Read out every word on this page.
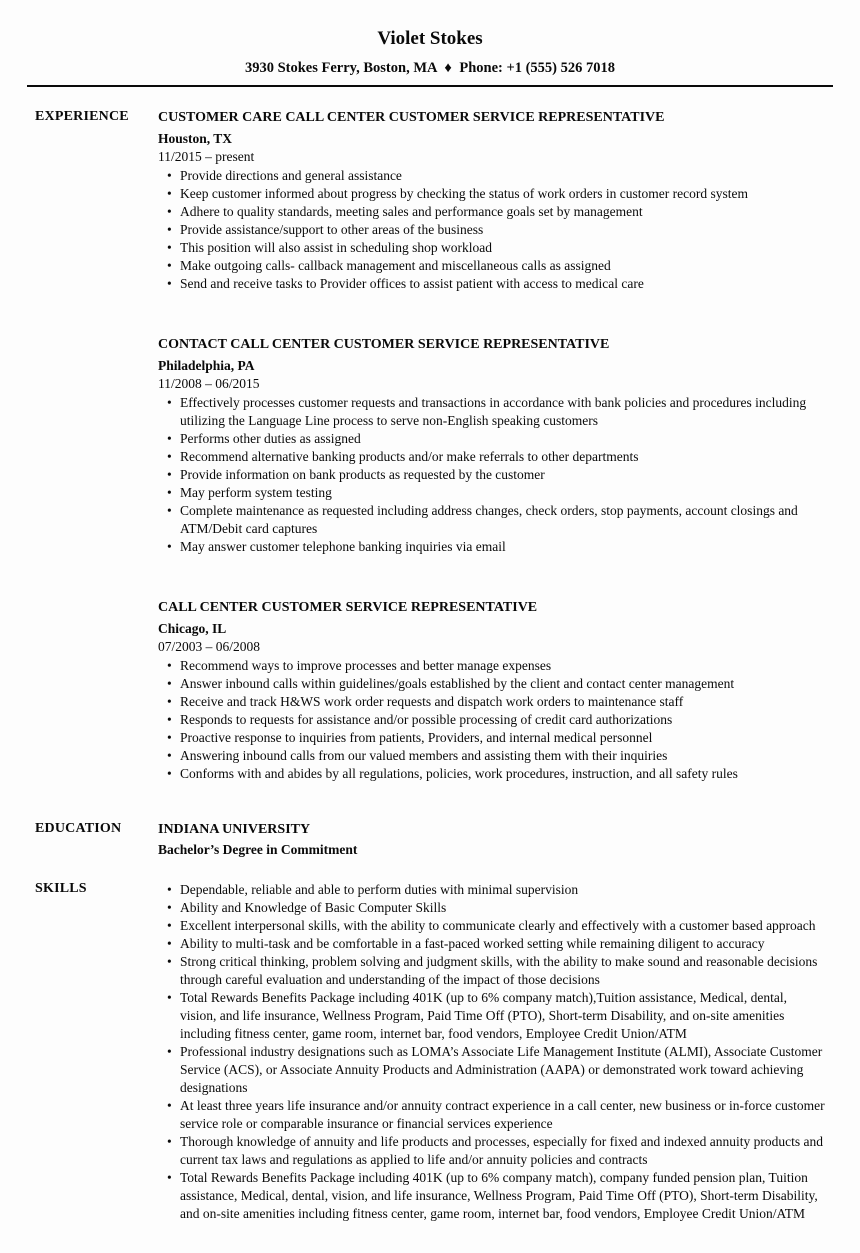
Violet Stokes
3930 Stokes Ferry, Boston, MA ♦ Phone: +1 (555) 526 7018
EXPERIENCE	CUSTOMER CARE CALL CENTER CUSTOMER SERVICE REPRESENTATIVE
Houston, TX
11/2015 – present
• Provide directions and general assistance
• Keep customer informed about progress by checking the status of work orders in customer record system
• Adhere to quality standards, meeting sales and performance goals set by management
• Provide assistance/support to other areas of the business
• This position will also assist in scheduling shop workload
• Make outgoing calls- callback management and miscellaneous calls as assigned
• Send and receive tasks to Provider offices to assist patient with access to medical care
CONTACT CALL CENTER CUSTOMER SERVICE REPRESENTATIVE
Philadelphia, PA
11/2008 – 06/2015
• Effectively processes customer requests and transactions in accordance with bank policies and procedures including utilizing the Language Line process to serve non-English speaking customers
• Performs other duties as assigned
• Recommend alternative banking products and/or make referrals to other departments
• Provide information on bank products as requested by the customer
• May perform system testing
• Complete maintenance as requested including address changes, check orders, stop payments, account closings and ATM/Debit card captures
• May answer customer telephone banking inquiries via email
CALL CENTER CUSTOMER SERVICE REPRESENTATIVE
Chicago, IL
07/2003 – 06/2008
• Recommend ways to improve processes and better manage expenses
• Answer inbound calls within guidelines/goals established by the client and contact center management
• Receive and track H&WS work order requests and dispatch work orders to maintenance staff
• Responds to requests for assistance and/or possible processing of credit card authorizations
• Proactive response to inquiries from patients, Providers, and internal medical personnel
• Answering inbound calls from our valued members and assisting them with their inquiries
• Conforms with and abides by all regulations, policies, work procedures, instruction, and all safety rules
EDUCATION	INDIANA UNIVERSITY
Bachelor’s Degree in Commitment
SKILLS	• Dependable, reliable and able to perform duties with minimal supervision
• Ability and Knowledge of Basic Computer Skills
• Excellent interpersonal skills, with the ability to communicate clearly and effectively with a customer based approach
• Ability to multi-task and be comfortable in a fast-paced worked setting while remaining diligent to accuracy
• Strong critical thinking, problem solving and judgment skills, with the ability to make sound and reasonable decisions through careful evaluation and understanding of the impact of those decisions
• Total Rewards Benefits Package including 401K (up to 6% company match),Tuition assistance, Medical, dental, vision, and life insurance, Wellness Program, Paid Time Off (PTO), Short-term Disability, and on-site amenities including fitness center, game room, internet bar, food vendors, Employee Credit Union/ATM
• Professional industry designations such as LOMA’s Associate Life Management Institute (ALMI), Associate Customer Service (ACS), or Associate Annuity Products and Administration (AAPA) or demonstrated work toward achieving designations
• At least three years life insurance and/or annuity contract experience in a call center, new business or in-force customer service role or comparable insurance or financial services experience
• Thorough knowledge of annuity and life products and processes, especially for fixed and indexed annuity products and current tax laws and regulations as applied to life and/or annuity policies and contracts
• Total Rewards Benefits Package including 401K (up to 6% company match), company funded pension plan, Tuition assistance, Medical, dental, vision, and life insurance, Wellness Program, Paid Time Off (PTO), Short-term Disability, and on-site amenities including fitness center, game room, internet bar, food vendors, Employee Credit Union/ATM
